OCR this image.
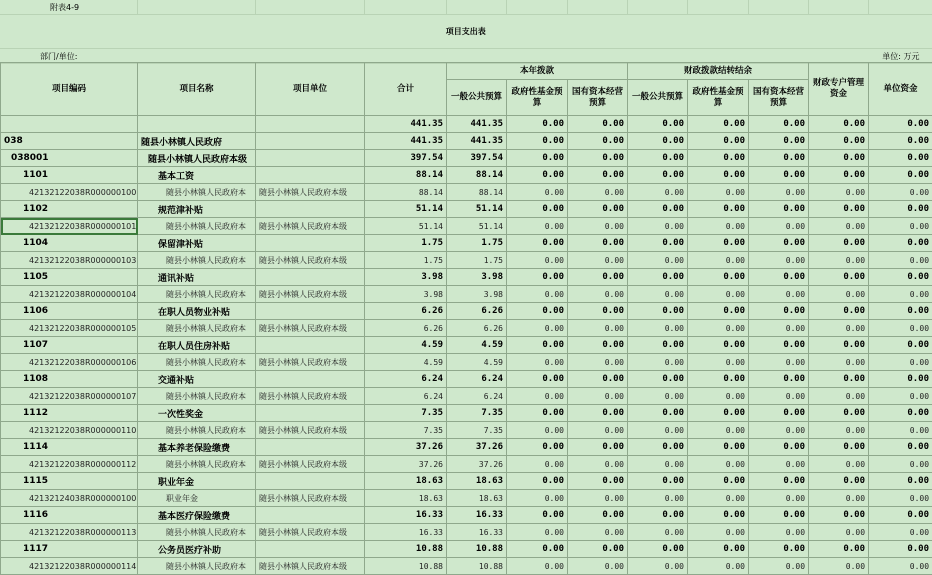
附表4-9											
项目支出表											
部门/单位:										单位: 万元	
项目编码	项目名称	项目单位	合计	本年拨款			财政拨款结转结余			财政专户管理资金	单位资金
				一般公共预算	政府性基金预算	国有资本经营预算	一般公共预算	政府性基金预算	国有资本经营预算		
			441.35	441.35	0.00	0.00	0.00	0.00	0.00	0.00	0.00
038	随县小林镇人民政府		441.35	441.35	0.00	0.00	0.00	0.00	0.00	0.00	0.00
038001	随县小林镇人民政府本级		397.54	397.54	0.00	0.00	0.00	0.00	0.00	0.00	0.00
1101	基本工资		88.14	88.14	0.00	0.00	0.00	0.00	0.00	0.00	0.00
42132122038R000000100	随县小林镇人民政府本	随县小林镇人民政府本级	88.14	88.14	0.00	0.00	0.00	0.00	0.00	0.00	0.00
1102	规范津补贴		51.14	51.14	0.00	0.00	0.00	0.00	0.00	0.00	0.00
42132122038R000000101	随县小林镇人民政府本	随县小林镇人民政府本级	51.14	51.14	0.00	0.00	0.00	0.00	0.00	0.00	0.00
1104	保留津补贴		1.75	1.75	0.00	0.00	0.00	0.00	0.00	0.00	0.00
42132122038R000000103	随县小林镇人民政府本	随县小林镇人民政府本级	1.75	1.75	0.00	0.00	0.00	0.00	0.00	0.00	0.00
1105	通讯补贴		3.98	3.98	0.00	0.00	0.00	0.00	0.00	0.00	0.00
42132122038R000000104	随县小林镇人民政府本	随县小林镇人民政府本级	3.98	3.98	0.00	0.00	0.00	0.00	0.00	0.00	0.00
1106	在职人员物业补贴		6.26	6.26	0.00	0.00	0.00	0.00	0.00	0.00	0.00
42132122038R000000105	随县小林镇人民政府本	随县小林镇人民政府本级	6.26	6.26	0.00	0.00	0.00	0.00	0.00	0.00	0.00
1107	在职人员住房补贴		4.59	4.59	0.00	0.00	0.00	0.00	0.00	0.00	0.00
42132122038R000000106	随县小林镇人民政府本	随县小林镇人民政府本级	4.59	4.59	0.00	0.00	0.00	0.00	0.00	0.00	0.00
1108	交通补贴		6.24	6.24	0.00	0.00	0.00	0.00	0.00	0.00	0.00
42132122038R000000107	随县小林镇人民政府本	随县小林镇人民政府本级	6.24	6.24	0.00	0.00	0.00	0.00	0.00	0.00	0.00
1112	一次性奖金		7.35	7.35	0.00	0.00	0.00	0.00	0.00	0.00	0.00
42132122038R000000110	随县小林镇人民政府本	随县小林镇人民政府本级	7.35	7.35	0.00	0.00	0.00	0.00	0.00	0.00	0.00
1114	基本养老保险缴费		37.26	37.26	0.00	0.00	0.00	0.00	0.00	0.00	0.00
42132122038R000000112	随县小林镇人民政府本	随县小林镇人民政府本级	37.26	37.26	0.00	0.00	0.00	0.00	0.00	0.00	0.00
1115	职业年金		18.63	18.63	0.00	0.00	0.00	0.00	0.00	0.00	0.00
42132124038R000000100	职业年金	随县小林镇人民政府本级	18.63	18.63	0.00	0.00	0.00	0.00	0.00	0.00	0.00
1116	基本医疗保险缴费		16.33	16.33	0.00	0.00	0.00	0.00	0.00	0.00	0.00
42132122038R000000113	随县小林镇人民政府本	随县小林镇人民政府本级	16.33	16.33	0.00	0.00	0.00	0.00	0.00	0.00	0.00
1117	公务员医疗补助		10.88	10.88	0.00	0.00	0.00	0.00	0.00	0.00	0.00
42132122038R000000114	随县小林镇人民政府本	随县小林镇人民政府本级	10.88	10.88	0.00	0.00	0.00	0.00	0.00	0.00	0.00
